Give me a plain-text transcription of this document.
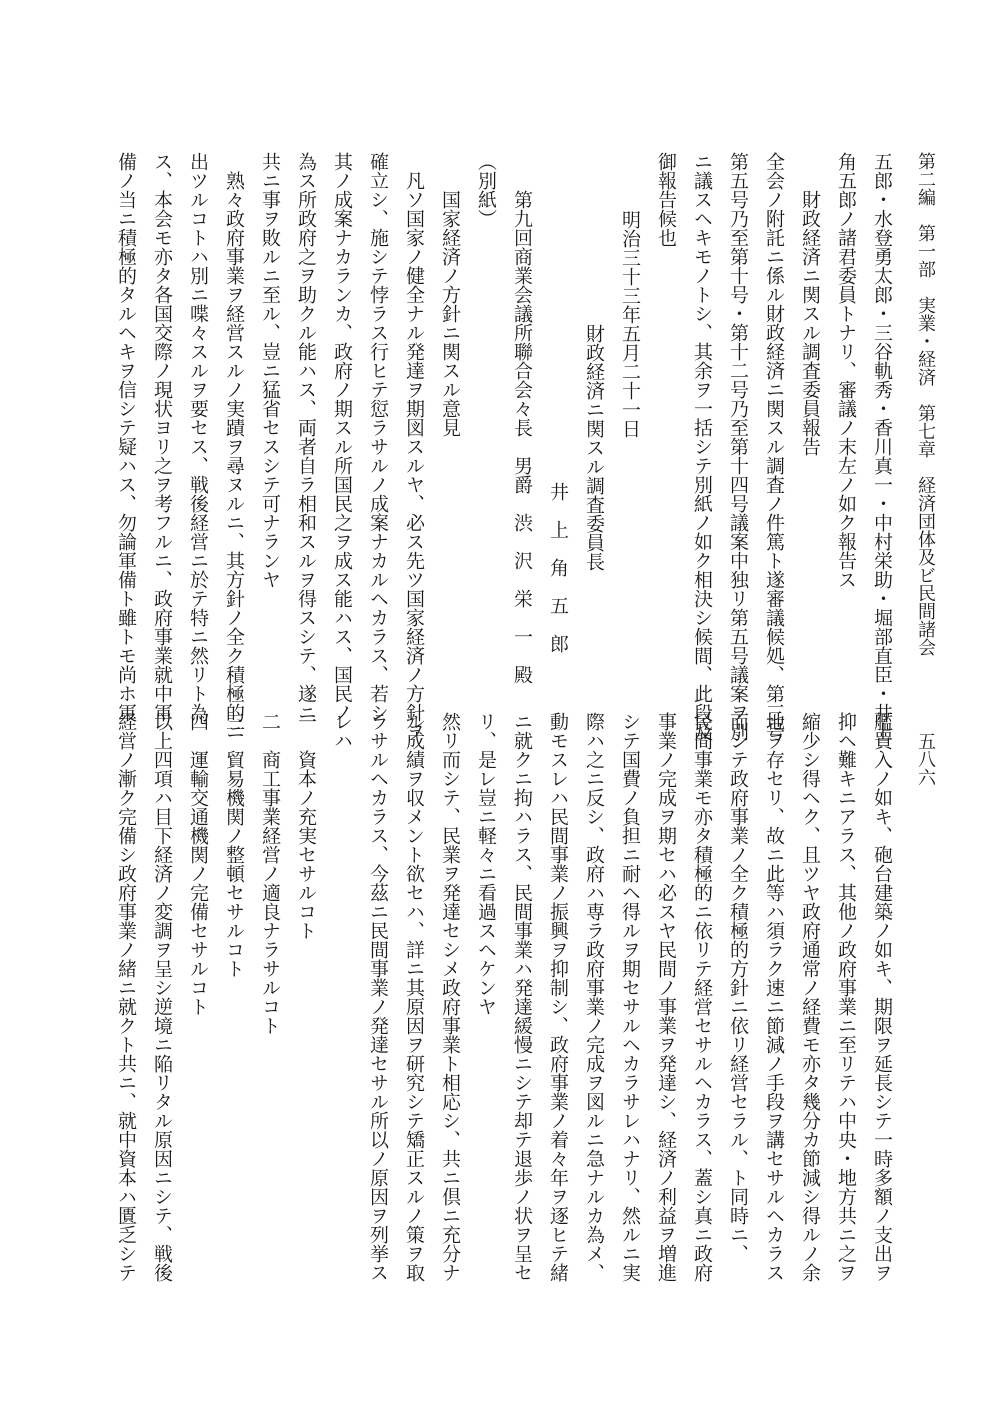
第二編　第一部　実業・経済　第七章　経済団体及ビ民間諸会
五八六
五郎・水登勇太郎・三谷軌秀・香川真一・中村栄助・堀部直臣・井上
角五郎ノ諸君委員トナリ、審議ノ末左ノ如ク報告ス
財政経済ニ関スル調査委員報告
全会ノ附託ニ係ル財政経済ニ関スル調査ノ件篤ト遂審議候処、第三号
第五号乃至第十号・第十二号乃至第十四号議案中独リ第五号議案ヲ別
ニ議スヘキモノトシ、其余ヲ一括シテ別紙ノ如ク相決シ候間、此段及
御報告候也
明治三十三年五月二十一日
財政経済ニ関スル調査委員長
井　上　角　五　郎
第九回商業会議所聯合会々長　男爵　渋　沢　栄　一　殿
（別紙）
国家経済ノ方針ニ関スル意見
凡ソ国家ノ健全ナル発達ヲ期図スルヤ、必ス先ツ国家経済ノ方針ヲ
確立シ、施シテ悖ラス行ヒテ愆ラサルノ成案ナカルヘカラス、若シ
其ノ成案ナカランカ、政府ノ期スル所国民之ヲ成ス能ハス、国民ノ
為ス所政府之ヲ助クル能ハス、両者自ラ相和スルヲ得スシテ、遂ニ
共ニ事ヲ敗ルニ至ル、豈ニ猛省セスシテ可ナランヤ
熟々政府事業ヲ経営スルノ実蹟ヲ尋ヌルニ、其方針ノ全ク積極的ニ
出ツルコトハ別ニ喋々スルヲ要セス、戦後経営ニ於テ特ニ然リト為
ス、本会モ亦タ各国交際ノ現状ヨリ之ヲ考フルニ、政府事業就中軍
備ノ当ニ積極的タルヘキヲ信シテ疑ハス、勿論軍備ト雖トモ尚ホ軍
艦買入ノ如キ、砲台建築ノ如キ、期限ヲ延長シテ一時多額ノ支出ヲ
抑ヘ難キニアラス、其他ノ政府事業ニ至リテハ中央・地方共ニ之ヲ
縮少シ得ヘク、且ツヤ政府通常ノ経費モ亦タ幾分カ節減シ得ルノ余
地ヲ存セリ、故ニ此等ハ須ラク速ニ節減ノ手段ヲ講セサルヘカラス
而シテ政府事業ノ全ク積極的方針ニ依リ経営セラル、ト同時ニ、
民間事業モ亦タ積極的ニ依リテ経営セサルヘカラス、蓋シ真ニ政府
事業ノ完成ヲ期セハ必スヤ民間ノ事業ヲ発達シ、経済ノ利益ヲ増進
シテ国費ノ負担ニ耐ヘ得ルヲ期セサルヘカラサレハナリ、然ルニ実
際ハ之ニ反シ、政府ハ専ラ政府事業ノ完成ヲ図ルニ急ナルカ為メ、
動モスレハ民間事業ノ振興ヲ抑制シ、政府事業ノ着々年ヲ逐ヒテ緒
ニ就クニ拘ハラス、民間事業ハ発達緩慢ニシテ却テ退歩ノ状ヲ呈セ
リ、是レ豈ニ軽々ニ看過スヘケンヤ
然リ而シテ、民業ヲ発達セシメ政府事業ト相応シ、共ニ倶ニ充分ナ
ル成績ヲ収メント欲セハ、詳ニ其原因ヲ研究シテ矯正スルノ策ヲ取
ラサルヘカラス、今茲ニ民間事業ノ発達セサル所以ノ原因ヲ列挙ス
レハ
一　資本ノ充実セサルコト
二　商工事業経営ノ適良ナラサルコト
三　貿易機関ノ整頓セサルコト
四　運輸交通機関ノ完備セサルコト
以上四項ハ目下経済ノ変調ヲ呈シ逆境ニ陥リタル原因ニシテ、戦後
経営ノ漸ク完備シ政府事業ノ緒ニ就クト共ニ、就中資本ハ匱乏シテ
